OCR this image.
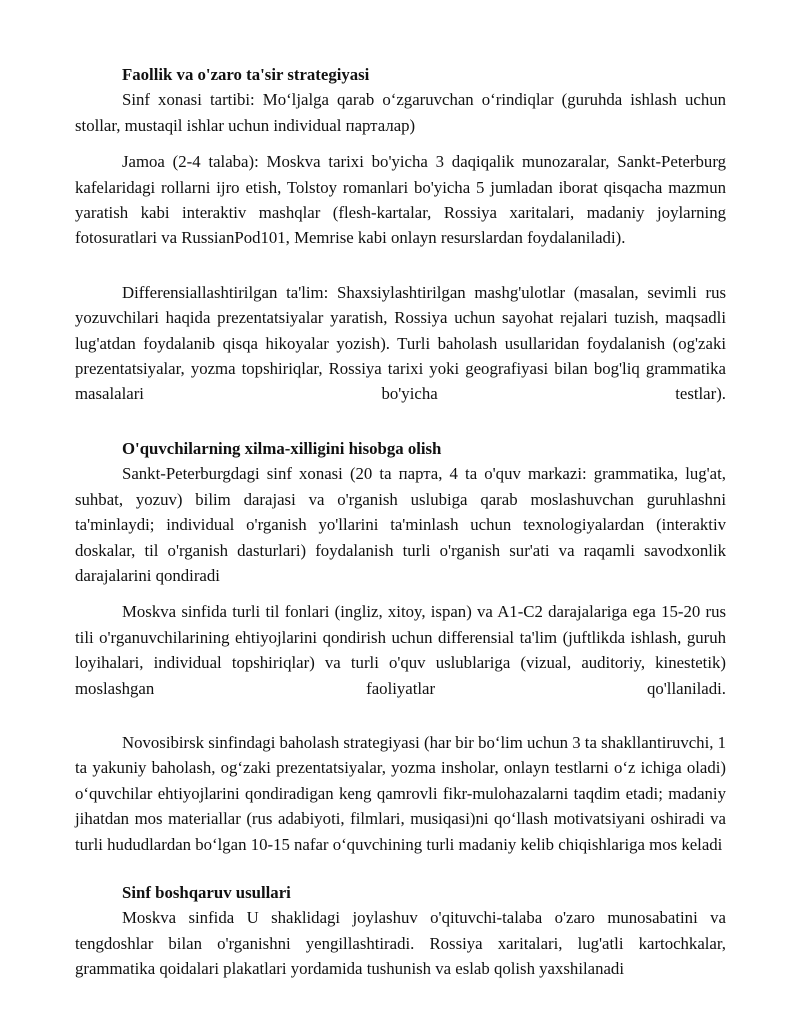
Faollik va o'zaro ta'sir strategiyasi

Sinf xonasi tartibi: Mo‘ljalga qarab o‘zgaruvchan o‘rindiqlar (guruhda ishlash uchun stollar, mustaqil ishlar uchun individual парталар)

Jamoa (2-4 talaba): Moskva tarixi bo'yicha 3 daqiqalik munozaralar, Sankt-Peterburg kafelaridagi rollarni ijro etish, Tolstoy romanlari bo'yicha 5 jumladan iborat qisqacha mazmun yaratish kabi interaktiv mashqlar (flesh-kartalar, Rossiya xaritalari, madaniy joylarning fotosuratlari va RussianPod101, Memrise kabi onlayn resurslardan foydalaniladi).

Differensiallashtirilgan ta'lim: Shaxsiylashtirilgan mashg'ulotlar (masalan, sevimli rus yozuvchilari haqida prezentatsiyalar yaratish, Rossiya uchun sayohat rejalari tuzish, maqsadli lug'atdan foydalanib qisqa hikoyalar yozish). Turli baholash usullaridan foydalanish (og'zaki prezentatsiyalar, yozma topshiriqlar, Rossiya tarixi yoki geografiyasi bilan bog'liq grammatika masalalari bo'yicha testlar).

O'quvchilarning xilma-xilligini hisobga olish

Sankt-Peterburgdagi sinf xonasi (20 ta парта, 4 ta o'quv markazi: grammatika, lug'at, suhbat, yozuv) bilim darajasi va o'rganish uslubiga qarab moslashuvchan guruhlashni ta'minlaydi; individual o'rganish yo'llarini ta'minlash uchun texnologiyalardan (interaktiv doskalar, til o'rganish dasturlari) foydalanish turli o'rganish sur'ati va raqamli savodxonlik darajalarini qondiradi

Moskva sinfida turli til fonlari (ingliz, xitoy, ispan) va A1-C2 darajalariga ega 15-20 rus tili o'rganuvchilarining ehtiyojlarini qondirish uchun differensial ta'lim (juftlikda ishlash, guruh loyihalari, individual topshiriqlar) va turli o'quv uslublariga (vizual, auditoriy, kinestetik) moslashgan faoliyatlar qo'llaniladi.

Novosibirsk sinfindagi baholash strategiyasi (har bir bo‘lim uchun 3 ta shakllantiruvchi, 1 ta yakuniy baholash, og‘zaki prezentatsiyalar, yozma insholar, onlayn testlarni o‘z ichiga oladi) o‘quvchilar ehtiyojlarini qondiradigan keng qamrovli fikr-mulohazalarni taqdim etadi; madaniy jihatdan mos materiallar (rus adabiyoti, filmlari, musiqasi)ni qo‘llash motivatsiyani oshiradi va turli hududlardan bo‘lgan 10-15 nafar o‘quvchining turli madaniy kelib chiqishlariga mos keladi

Sinf boshqaruv usullari

Moskva sinfida U shaklidagi joylashuv o'qituvchi-talaba o'zaro munosabatini va tengdoshlar bilan o'rganishni yengillashtiradi. Rossiya xaritalari, lug'atli kartochkalar, grammatika qoidalari plakatlari yordamida tushunish va eslab qolish yaxshilanadi
